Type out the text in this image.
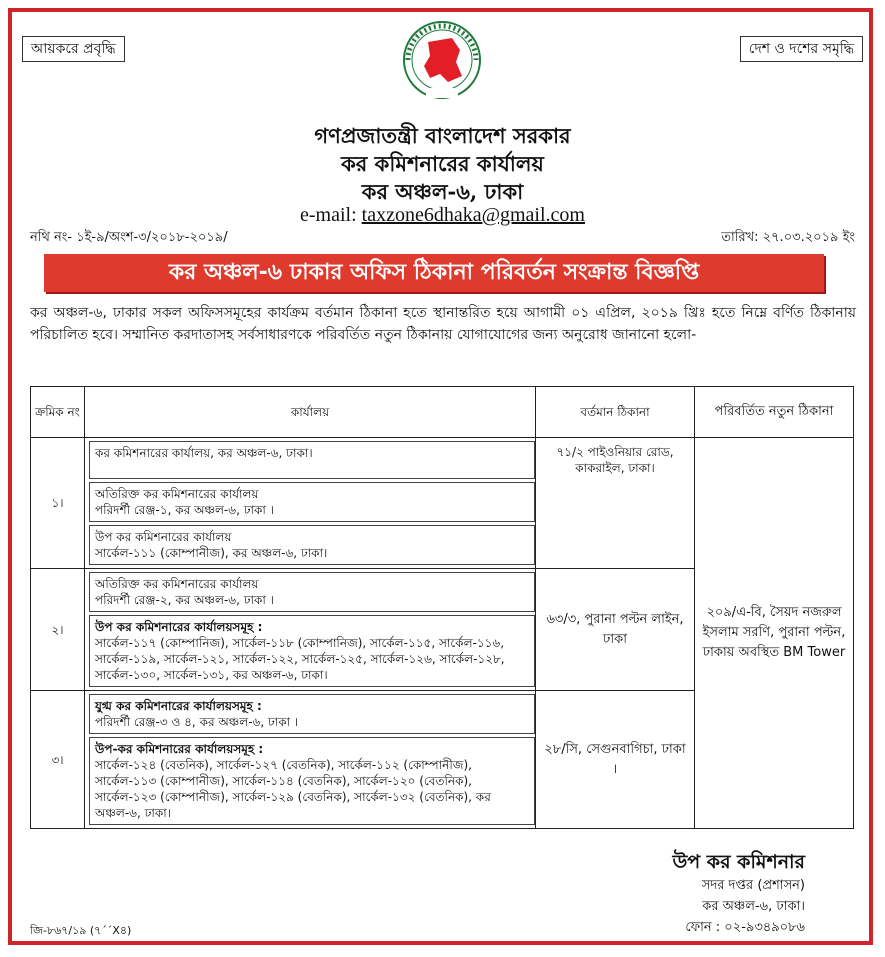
আয়করে প্রবৃদ্ধি	দেশ ও দশের সমৃদ্ধি
গণপ্রজাতন্ত্রী বাংলাদেশ সরকার
কর কমিশনারের কার্যালয়
কর অঞ্চল-৬, ঢাকা
e-mail: taxzone6dhaka@gmail.com
নথি নং- ১ই-৯/অংশ-৩/২০১৮-২০১৯/	তারিখ: ২৭.০৩.২০১৯ ইং
কর অঞ্চল-৬ ঢাকার অফিস ঠিকানা পরিবর্তন সংক্রান্ত বিজ্ঞপ্তি
কর অঞ্চল-৬, ঢাকার সকল অফিসসমূহের কার্যক্রম বর্তমান ঠিকানা হতে স্থানান্তরিত হয়ে আগামী ০১ এপ্রিল, ২০১৯ খ্রিঃ হতে নিম্নে বর্ণিত ঠিকানায় পরিচালিত হবে। সম্মানিত করদাতাসহ সর্বসাধারণকে পরিবর্তিত নতুন ঠিকানায় যোগাযোগের জন্য অনুরোধ জানানো হলো-
ক্রমিক নং	কার্যালয়	বর্তমান ঠিকানা	পরিবর্তিত নতুন ঠিকানা
১।	কর কমিশনারের কার্যালয়, কর অঞ্চল-৬, ঢাকা।
অতিরিক্ত কর কমিশনারের কার্যালয়
পরিদর্শী রেঞ্জ-১, কর অঞ্চল-৬, ঢাকা ।
উপ কর কমিশনারের কার্যালয়
সার্কেল-১১১ (কোম্পানীজ), কর অঞ্চল-৬, ঢাকা।	৭১/২ পাইওনিয়ার রোড, কাকরাইল, ঢাকা।	২০৯/এ-বি, সৈয়দ নজরুল ইসলাম সরণি, পুরানা পল্টন, ঢাকায় অবস্থিত BM Tower
২।	অতিরিক্ত কর কমিশনারের কার্যালয়
পরিদর্শী রেঞ্জ-২, কর অঞ্চল-৬, ঢাকা ।
উপ কর কমিশনারের কার্যালয়সমূহ :
সার্কেল-১১৭ (কোম্পানিজ), সার্কেল-১১৮ (কোম্পানিজ), সার্কেল-১১৫, সার্কেল-১১৬, সার্কেল-১১৯, সার্কেল-১২১, সার্কেল-১২২, সার্কেল-১২৫, সার্কেল-১২৬, সার্কেল-১২৮, সার্কেল-১৩০, সার্কেল-১৩১, কর অঞ্চল-৬, ঢাকা।	৬৩/৩, পুরানা পল্টন লাইন, ঢাকা	
৩।	যুগ্ম কর কমিশনারের কার্যালয়সমূহ :
পরিদর্শী রেঞ্জ-৩ ও ৪, কর অঞ্চল-৬, ঢাকা ।
উপ-কর কমিশনারের কার্যালয়সমূহ :
সার্কেল-১২৪ (বেতনিক), সার্কেল-১২৭ (বেতনিক), সার্কেল-১১২ (কোম্পানীজ), সার্কেল-১১৩ (কোম্পানীজ), সার্কেল-১১৪ (বেতনিক), সার্কেল-১২০ (বেতনিক), সার্কেল-১২৩ (কোম্পানীজ), সার্কেল-১২৯ (বেতনিক), সার্কেল-১৩২ (বেতনিক), কর অঞ্চল-৬, ঢাকা।	২৮/সি, সেগুনবাগিচা, ঢাকা ।	
উপ কর কমিশনার
সদর দপ্তর (প্রশাসন)
কর অঞ্চল-৬, ঢাকা।
ফোন : ০২-৯৩৪৯০৮৬
জি-৮৬৭/১৯ (৭´´X৪)
